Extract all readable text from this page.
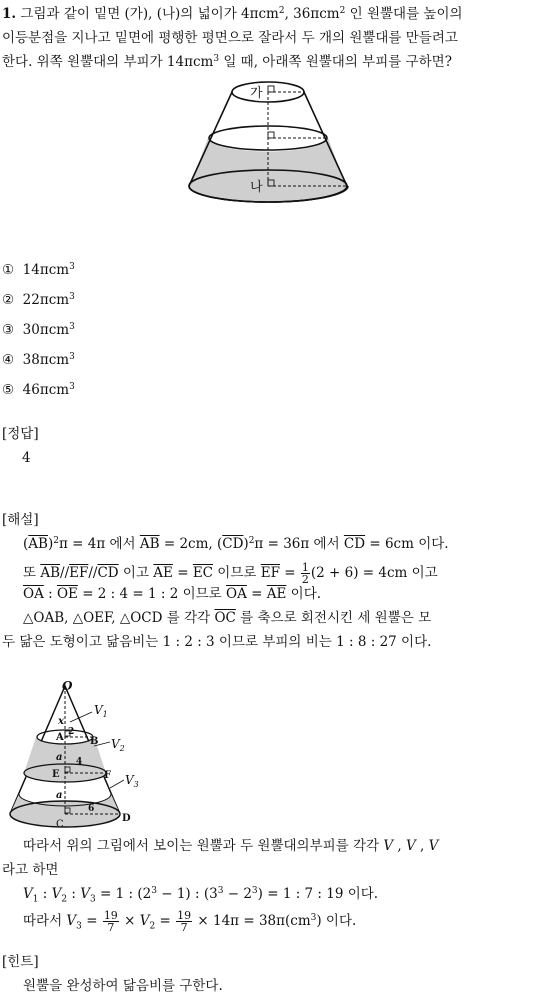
1. 그림과 같이 밑면 (가), (나)의 넓이가 4πcm$^2$, 36πcm$^2$ 인 원뿔대를 높이의
이등분점을 지나고 밑면에 평행한 평면으로 잘라서 두 개의 원뿔대를 만들려고
한다. 위쪽 원뿔대의 부피가 14πcm$^3$ 일 때, 아래쪽 원뿔대의 부피를 구하면?
가
나
①  14πcm$^3$
②  22πcm$^3$
③  30πcm$^3$
④  38πcm$^3$
⑤  46πcm$^3$
[정답]
4
[해설]
$(\overline{AB})^2\pi = 4\pi$ 에서 $\overline{AB} = 2cm$, $(\overline{CD})^2\pi = 36\pi$ 에서 $\overline{CD} = 6cm$ 이다.
또 $\overline{AB}//\overline{EF}//\overline{CD}$ 이고 $\overline{AE} = \overline{EC}$ 이므로 $\overline{EF} = \frac{1}{2} (2 + 6) = 4cm$ 이고
$\overline{OA}$ : $\overline{OE} = 2$ : 4 = 1 : 2 이므로 $\overline{OA} = \overline{AE}$ 이다.
△OAB, △OEF, △OCD 를 각각 $\overline{OC}$ 를 축으로 회전시킨 세 원뿔은 모
두 닮은 도형이고 닮음비는 1 : 2 : 3 이므로 부피의 비는 1 : 8 : 27 이다.
O
$V_1$
2
A	B $V_2$
x
4
a
E	F $V_3$
a
6
C
D
따라서 위의 그림에서 보이는 원뿔과 두 원뿔대의부피를 각각 V , V , V
라고 하면
$V_1$ : $V_2$ : $V_3 = 1$ : $(2^3 - 1)$ : $(3^3 - 2^3) = 1$ : 7 : 19 이다.
따라서 $V_3 = \frac{19}{7} \times V_2 = \frac{19}{7} \times 14\pi = 38\pi(cm^3)$ 이다.
[힌트]
원뿔을 완성하여 닮음비를 구한다.
